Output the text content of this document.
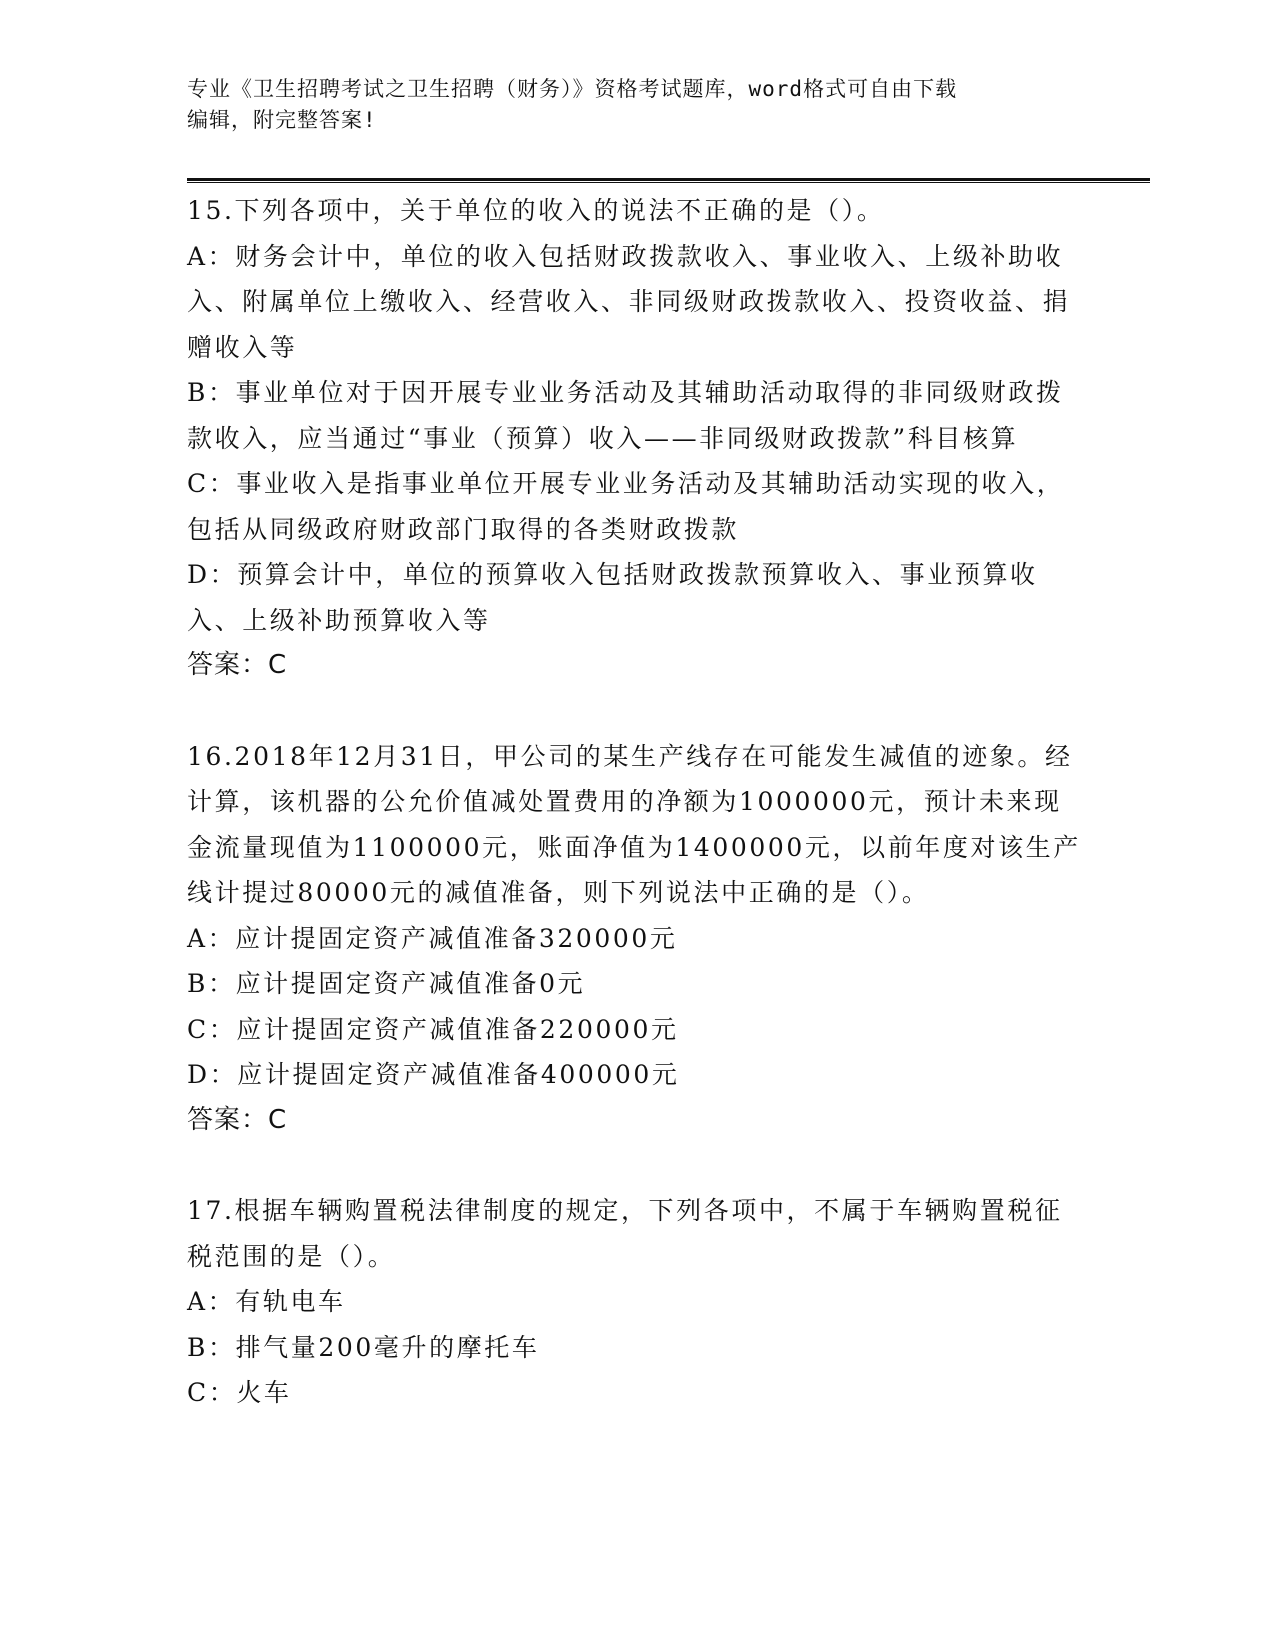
专业《卫生招聘考试之卫生招聘（财务）》资格考试题库，word格式可自由下载
编辑，附完整答案!
15.下列各项中，关于单位的收入的说法不正确的是（）。
A：财务会计中，单位的收入包括财政拨款收入、事业收入、上级补助收入、附属单位上缴收入、经营收入、非同级财政拨款收入、投资收益、捐赠收入等
B：事业单位对于因开展专业业务活动及其辅助活动取得的非同级财政拨款收入，应当通过“事业（预算）收入——非同级财政拨款”科目核算
C：事业收入是指事业单位开展专业业务活动及其辅助活动实现的收入，包括从同级政府财政部门取得的各类财政拨款
D：预算会计中，单位的预算收入包括财政拨款预算收入、事业预算收入、上级补助预算收入等
答案：C
16.2018年12月31日，甲公司的某生产线存在可能发生减值的迹象。经计算，该机器的公允价值减处置费用的净额为1000000元，预计未来现金流量现值为1100000元，账面净值为1400000元，以前年度对该生产线计提过80000元的减值准备，则下列说法中正确的是（）。
A：应计提固定资产减值准备320000元
B：应计提固定资产减值准备0元
C：应计提固定资产减值准备220000元
D：应计提固定资产减值准备400000元
答案：C
17.根据车辆购置税法律制度的规定，下列各项中，不属于车辆购置税征税范围的是（）。
A：有轨电车
B：排气量200毫升的摩托车
C：火车
